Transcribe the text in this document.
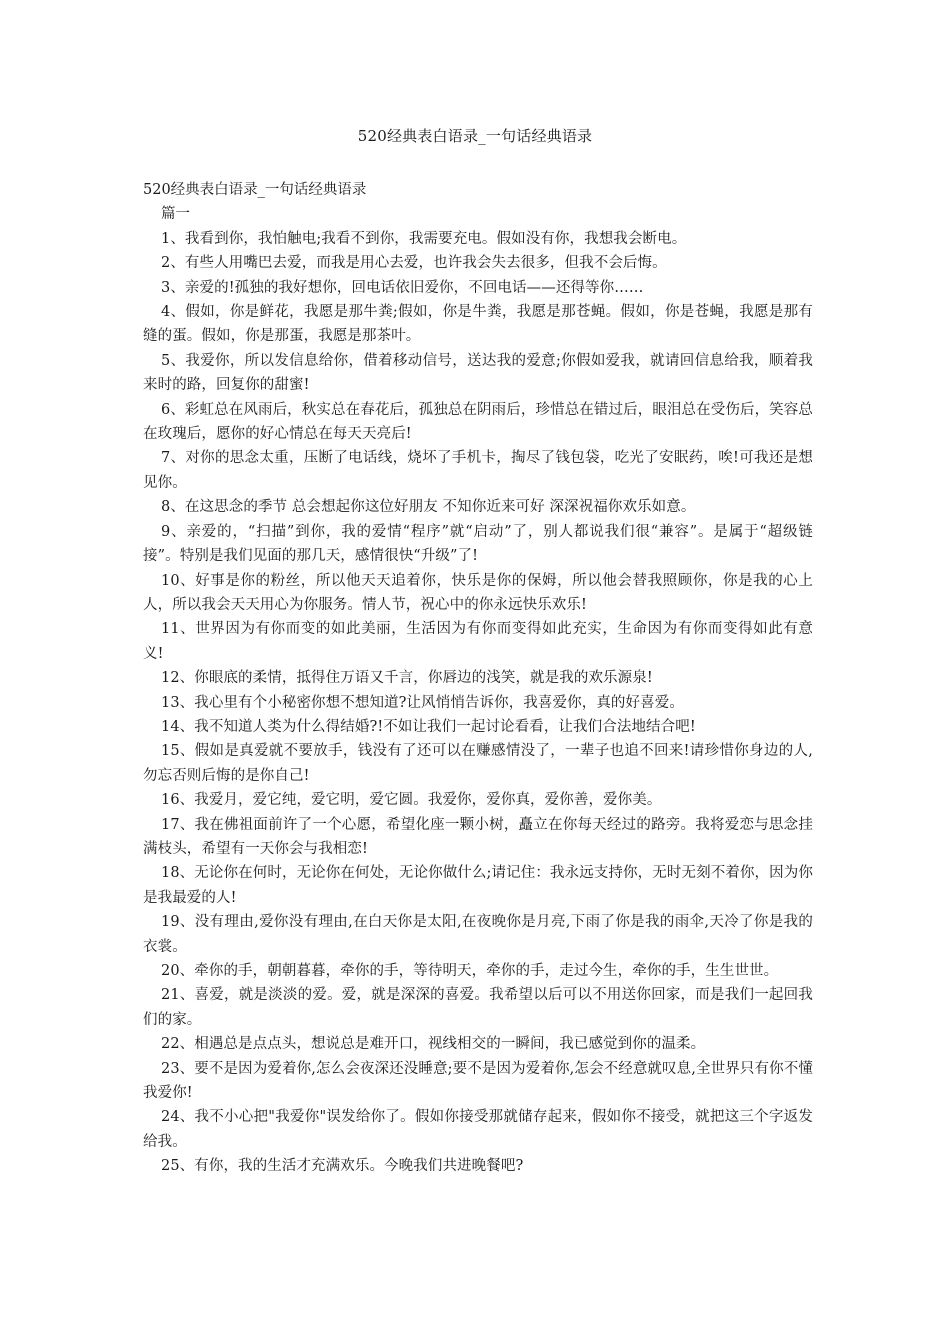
520经典表白语录_一句话经典语录

520经典表白语录_一句话经典语录

篇一

1、我看到你，我怕触电;我看不到你，我需要充电。假如没有你，我想我会断电。

2、有些人用嘴巴去爱，而我是用心去爱，也许我会失去很多，但我不会后悔。

3、亲爱的!孤独的我好想你，回电话依旧爱你，不回电话——还得等你……

4、假如，你是鲜花，我愿是那牛粪;假如，你是牛粪，我愿是那苍蝇。假如，你是苍蝇，我愿是那有缝的蛋。假如，你是那蛋，我愿是那茶叶。

5、我爱你，所以发信息给你，借着移动信号，送达我的爱意;你假如爱我，就请回信息给我，顺着我来时的路，回复你的甜蜜!

6、彩虹总在风雨后，秋实总在春花后，孤独总在阴雨后，珍惜总在错过后，眼泪总在受伤后，笑容总在玫瑰后，愿你的好心情总在每天天亮后!

7、对你的思念太重，压断了电话线，烧坏了手机卡，掏尽了钱包袋，吃光了安眠药，唉!可我还是想见你。

8、在这思念的季节 总会想起你这位好朋友 不知你近来可好 深深祝福你欢乐如意。

9、亲爱的，“扫描”到你，我的爱情“程序”就“启动”了，别人都说我们很“兼容”。是属于“超级链接”。特别是我们见面的那几天，感情很快“升级”了!

10、好事是你的粉丝，所以他天天追着你，快乐是你的保姆，所以他会替我照顾你，你是我的心上人，所以我会天天用心为你服务。情人节，祝心中的你永远快乐欢乐!

11、世界因为有你而变的如此美丽，生活因为有你而变得如此充实，生命因为有你而变得如此有意义!

12、你眼底的柔情，抵得住万语又千言，你唇边的浅笑，就是我的欢乐源泉!

13、我心里有个小秘密你想不想知道?让风悄悄告诉你，我喜爱你，真的好喜爱。

14、我不知道人类为什么得结婚?!不如让我们一起讨论看看，让我们合法地结合吧!

15、假如是真爱就不要放手，钱没有了还可以在赚感情没了，一辈子也追不回来!请珍惜你身边的人,勿忘否则后悔的是你自己!

16、我爱月，爱它纯，爱它明，爱它圆。我爱你，爱你真，爱你善，爱你美。

17、我在佛祖面前许了一个心愿，希望化座一颗小树，矗立在你每天经过的路旁。我将爱恋与思念挂满枝头，希望有一天你会与我相恋!

18、无论你在何时，无论你在何处，无论你做什么;请记住：我永远支持你，无时无刻不着你，因为你是我最爱的人!

19、没有理由,爱你没有理由,在白天你是太阳,在夜晚你是月亮,下雨了你是我的雨伞,天冷了你是我的衣裳。

20、牵你的手，朝朝暮暮，牵你的手，等待明天，牵你的手，走过今生，牵你的手，生生世世。

21、喜爱，就是淡淡的爱。爱，就是深深的喜爱。我希望以后可以不用送你回家，而是我们一起回我们的家。

22、相遇总是点点头，想说总是难开口，视线相交的一瞬间，我已感觉到你的温柔。

23、要不是因为爱着你,怎么会夜深还没睡意;要不是因为爱着你,怎会不经意就叹息,全世界只有你不懂我爱你!

24、我不小心把"我爱你"误发给你了。假如你接受那就储存起来，假如你不接受，就把这三个字返发给我。

25、有你，我的生活才充满欢乐。今晚我们共进晚餐吧?
